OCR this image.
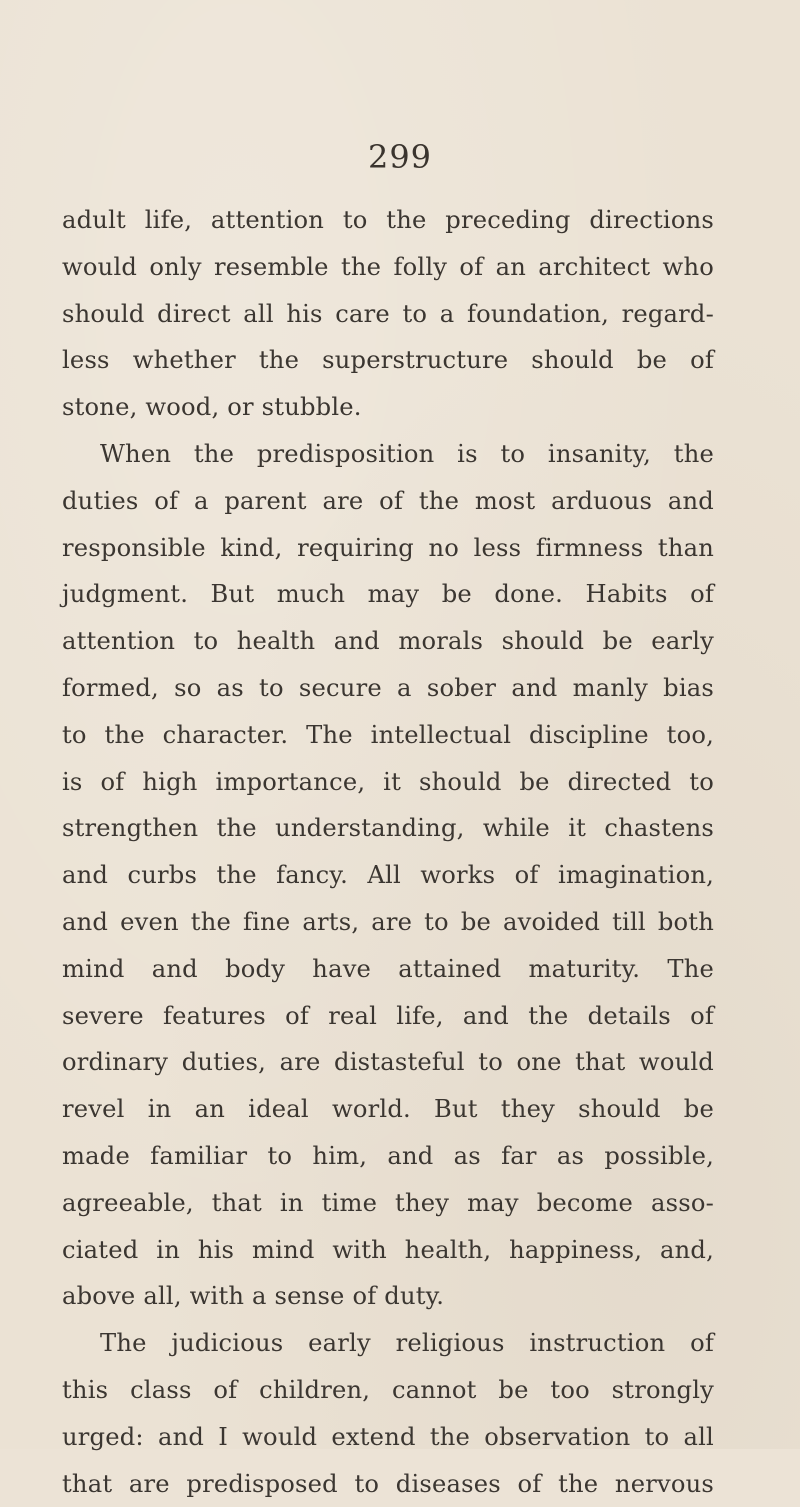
299
adult life, attention to the preceding directions
would only resemble the folly of an architect who
should direct all his care to a foundation, regard-
less whether the superstructure should be of
stone, wood, or stubble.
When the predisposition is to insanity, the
duties of a parent are of the most arduous and
responsible kind, requiring no less firmness than
judgment. But much may be done. Habits of
attention to health and morals should be early
formed, so as to secure a sober and manly bias
to the character. The intellectual discipline too,
is of high importance, it should be directed to
strengthen the understanding, while it chastens
and curbs the fancy. All works of imagination,
and even the fine arts, are to be avoided till both
mind and body have attained maturity. The
severe features of real life, and the details of
ordinary duties, are distasteful to one that would
revel in an ideal world. But they should be
made familiar to him, and as far as possible,
agreeable, that in time they may become asso-
ciated in his mind with health, happiness, and,
above all, with a sense of duty.
The judicious early religious instruction of
this class of children, cannot be too strongly
urged: and I would extend the observation to all
that are predisposed to diseases of the nervous
